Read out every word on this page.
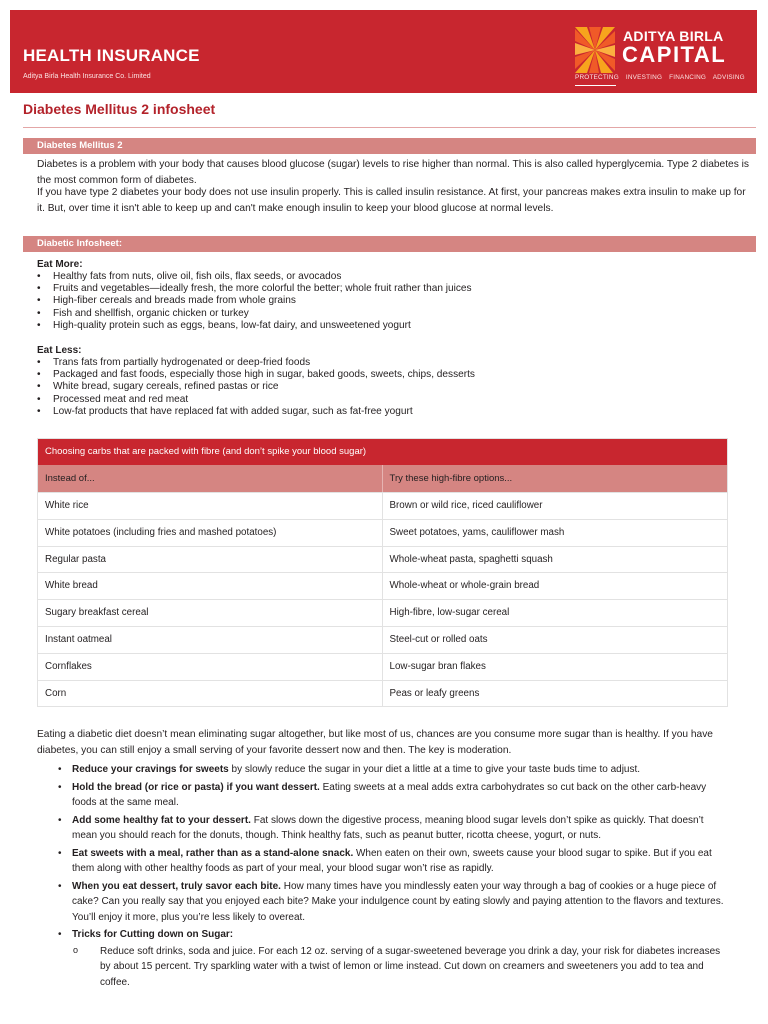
HEALTH INSURANCE
Aditya Birla Health Insurance Co. Limited
ADITYA BIRLA
CAPITAL
PROTECTING INVESTING FINANCING ADVISING
Diabetes Mellitus 2 infosheet
Diabetes Mellitus 2

Diabetes is a problem with your body that causes blood glucose (sugar) levels to rise higher than normal. This is also called hyperglycemia. Type 2 diabetes is the most common form of diabetes.

If you have type 2 diabetes your body does not use insulin properly. This is called insulin resistance. At first, your pancreas makes extra insulin to make up for it. But, over time it isn't able to keep up and can't make enough insulin to keep your blood glucose at normal levels.

Diabetic Infosheet:
Eat More:
• Healthy fats from nuts, olive oil, fish oils, flax seeds, or avocados
• Fruits and vegetables—ideally fresh, the more colorful the better; whole fruit rather than juices
• High-fiber cereals and breads made from whole grains
• Fish and shellfish, organic chicken or turkey
• High-quality protein such as eggs, beans, low-fat dairy, and unsweetened yogurt
Eat Less:
• Trans fats from partially hydrogenated or deep-fried foods
• Packaged and fast foods, especially those high in sugar, baked goods, sweets, chips, desserts
• White bread, sugary cereals, refined pastas or rice
• Processed meat and red meat
• Low-fat products that have replaced fat with added sugar, such as fat-free yogurt
Choosing carbs that are packed with fibre (and don’t spike your blood sugar)
Instead of...	Try these high-fibre options...
White rice	Brown or wild rice, riced cauliflower
White potatoes (including fries and mashed potatoes)	Sweet potatoes, yams, cauliflower mash
Regular pasta	Whole-wheat pasta, spaghetti squash
White bread	Whole-wheat or whole-grain bread
Sugary breakfast cereal	High-fibre, low-sugar cereal
Instant oatmeal	Steel-cut or rolled oats
Cornflakes	Low-sugar bran flakes
Corn	Peas or leafy greens

Eating a diabetic diet doesn’t mean eliminating sugar altogether, but like most of us, chances are you consume more sugar than is healthy. If you have diabetes, you can still enjoy a small serving of your favorite dessert now and then. The key is moderation.

• Reduce your cravings for sweets by slowly reduce the sugar in your diet a little at a time to give your taste buds time to adjust.
• Hold the bread (or rice or pasta) if you want dessert. Eating sweets at a meal adds extra carbohydrates so cut back on the other carb-heavy foods at the same meal.
• Add some healthy fat to your dessert. Fat slows down the digestive process, meaning blood sugar levels don’t spike as quickly. That doesn’t mean you should reach for the donuts, though. Think healthy fats, such as peanut butter, ricotta cheese, yogurt, or nuts.
• Eat sweets with a meal, rather than as a stand-alone snack. When eaten on their own, sweets cause your blood sugar to spike. But if you eat them along with other healthy foods as part of your meal, your blood sugar won’t rise as rapidly.
• When you eat dessert, truly savor each bite. How many times have you mindlessly eaten your way through a bag of cookies or a huge piece of cake? Can you really say that you enjoyed each bite? Make your indulgence count by eating slowly and paying attention to the flavors and textures. You’ll enjoy it more, plus you’re less likely to overeat.
• Tricks for Cutting down on Sugar:
o Reduce soft drinks, soda and juice. For each 12 oz. serving of a sugar-sweetened beverage you drink a day, your risk for diabetes increases by about 15 percent. Try sparkling water with a twist of lemon or lime instead. Cut down on creamers and sweeteners you add to tea and coffee.
